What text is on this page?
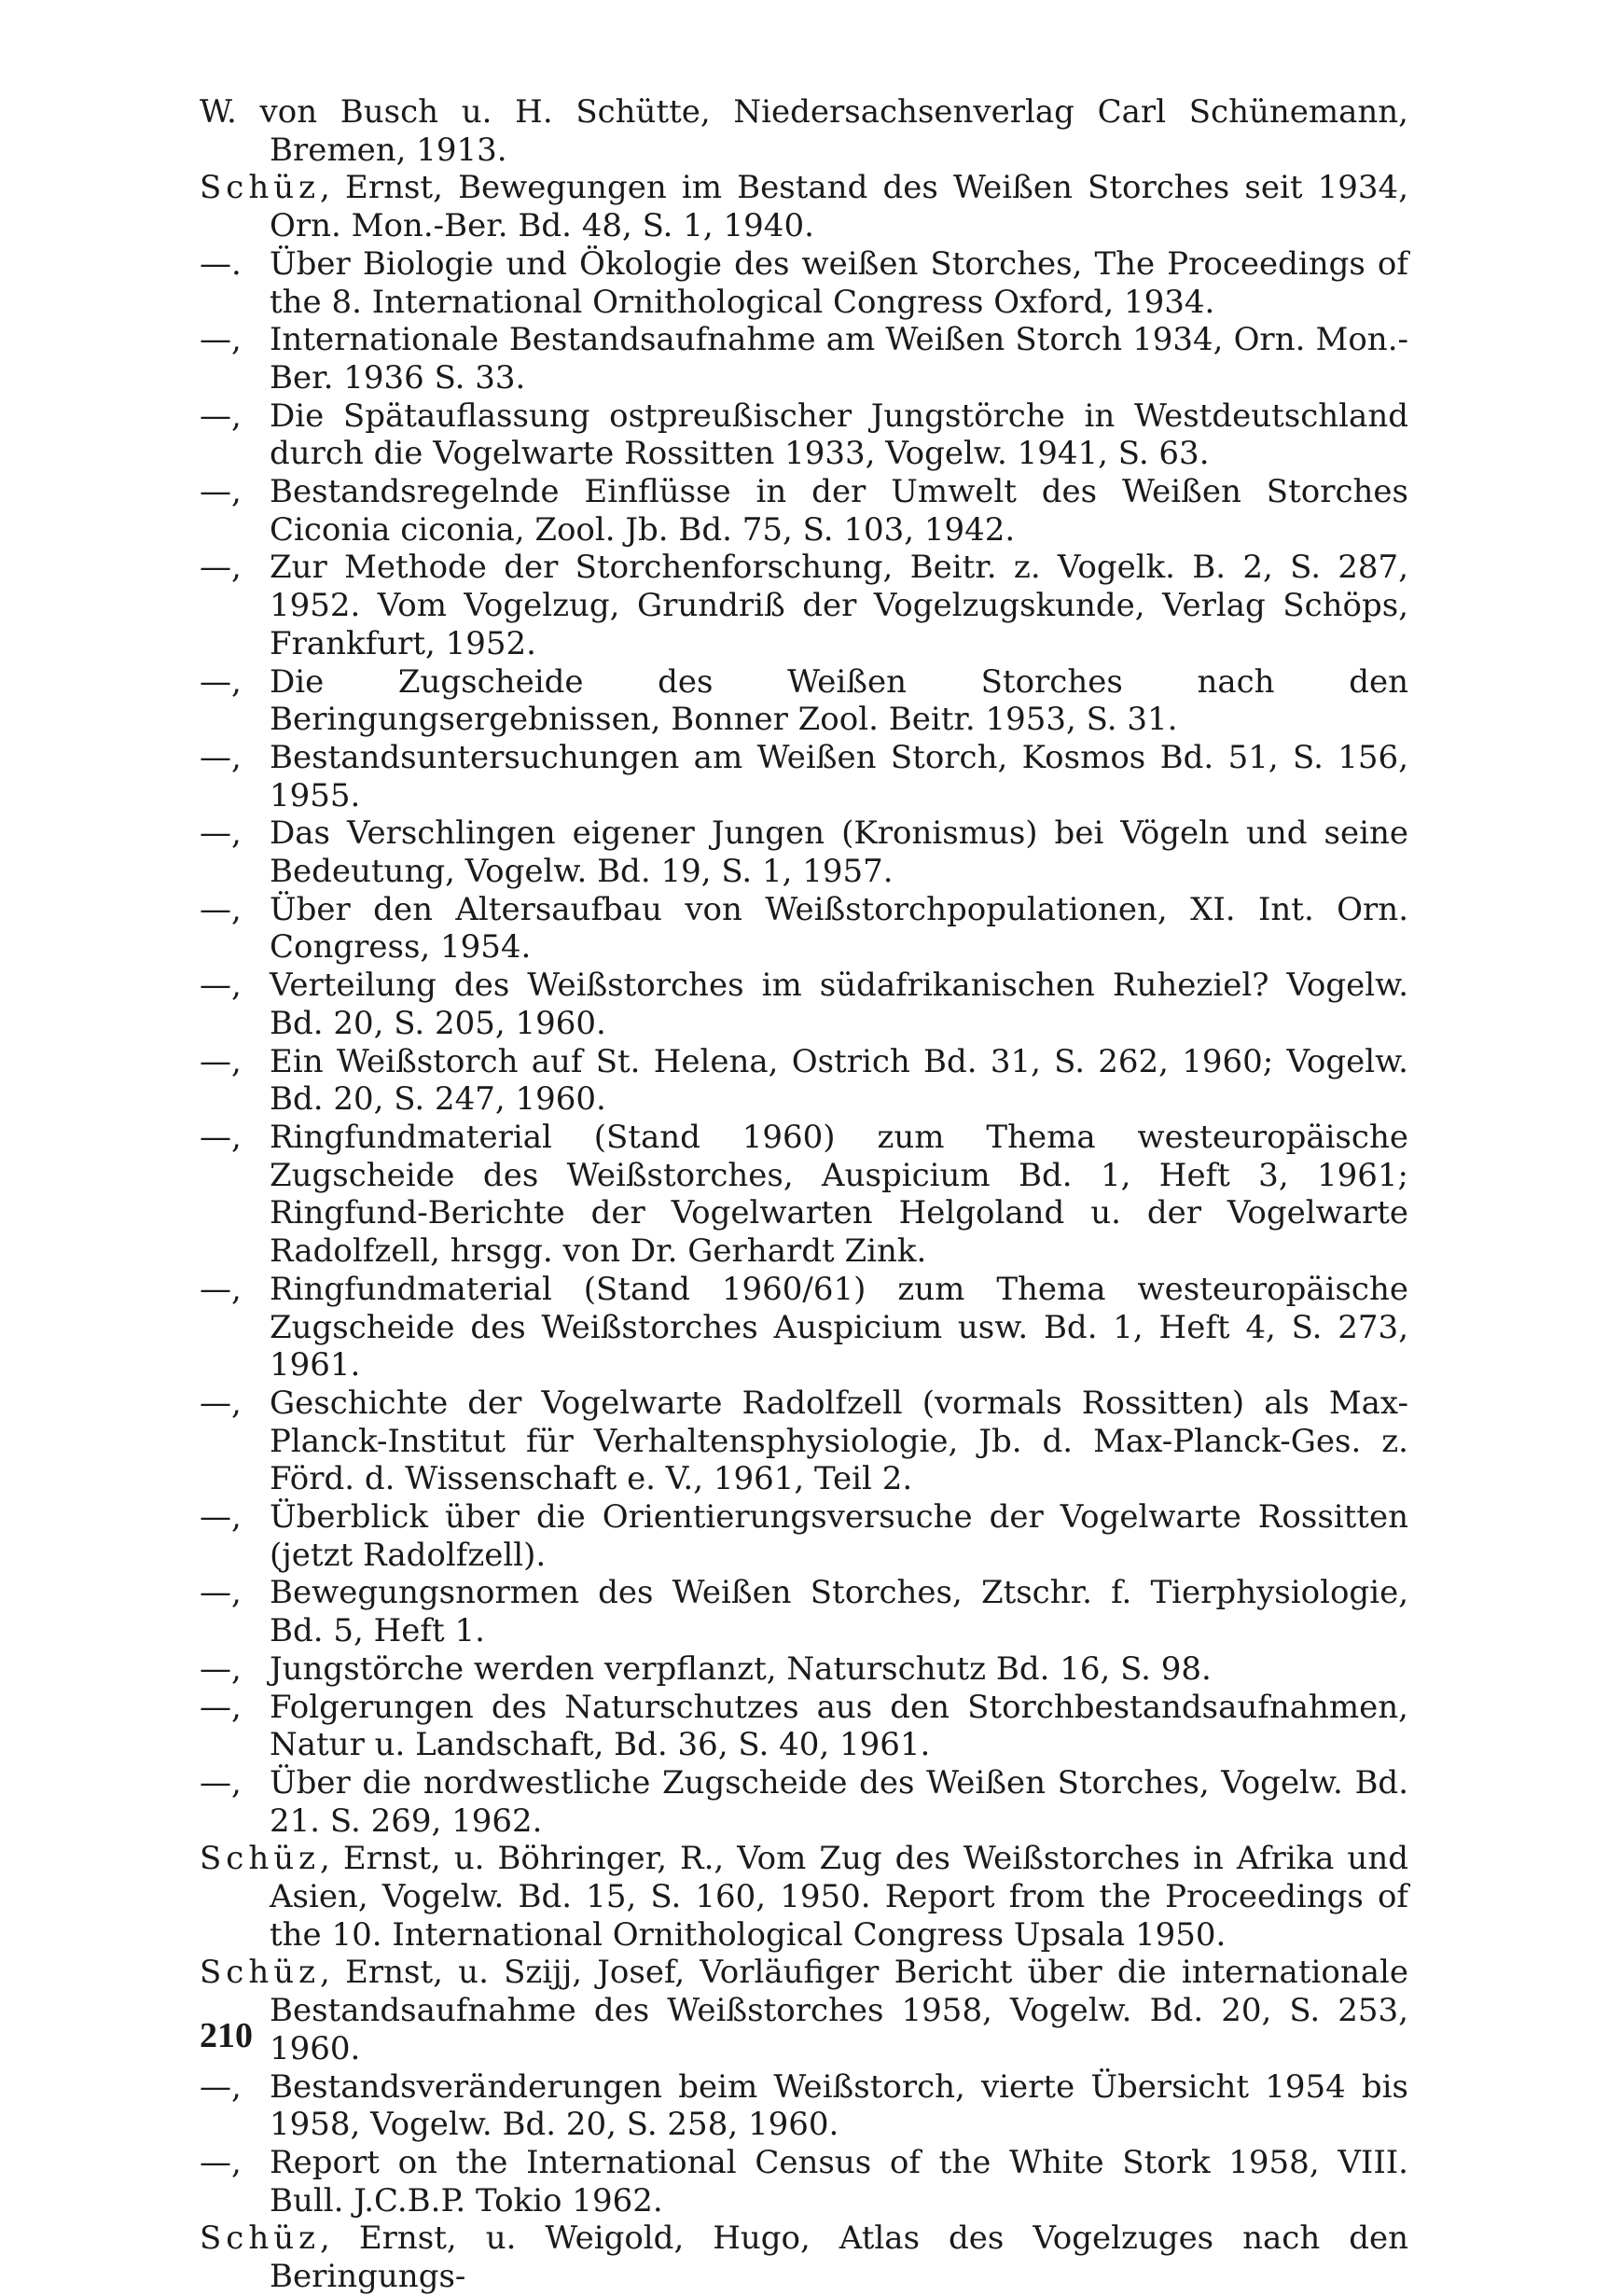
W. von Busch u. H. Schütte, Niedersachsenverlag Carl Schünemann, Bremen, 1913.

Schüz, Ernst, Bewegungen im Bestand des Weißen Storches seit 1934, Orn. Mon.-Ber. Bd. 48, S. 1, 1940.

—. Über Biologie und Ökologie des weißen Storches, The Proceedings of the 8. International Ornithological Congress Oxford, 1934.

—, Internationale Bestandsaufnahme am Weißen Storch 1934, Orn. Mon.-Ber. 1936 S. 33.

—, Die Spätauflassung ostpreußischer Jungstörche in Westdeutschland durch die Vogelwarte Rossitten 1933, Vogelw. 1941, S. 63.

—, Bestandsregelnde Einflüsse in der Umwelt des Weißen Storches Ciconia ciconia, Zool. Jb. Bd. 75, S. 103, 1942.

—, Zur Methode der Storchenforschung, Beitr. z. Vogelk. B. 2, S. 287, 1952. Vom Vogelzug, Grundriß der Vogelzugskunde, Verlag Schöps, Frankfurt, 1952.

—, Die Zugscheide des Weißen Storches nach den Beringungsergebnissen, Bonner Zool. Beitr. 1953, S. 31.

—, Bestandsuntersuchungen am Weißen Storch, Kosmos Bd. 51, S. 156, 1955.

—, Das Verschlingen eigener Jungen (Kronismus) bei Vögeln und seine Bedeutung, Vogelw. Bd. 19, S. 1, 1957.

—, Über den Altersaufbau von Weißstorchpopulationen, XI. Int. Orn. Congress, 1954.

—, Verteilung des Weißstorches im südafrikanischen Ruheziel? Vogelw. Bd. 20, S. 205, 1960.

—, Ein Weißstorch auf St. Helena, Ostrich Bd. 31, S. 262, 1960; Vogelw. Bd. 20, S. 247, 1960.

—, Ringfundmaterial (Stand 1960) zum Thema westeuropäische Zugscheide des Weißstorches, Auspicium Bd. 1, Heft 3, 1961; Ringfund-Berichte der Vogelwarten Helgoland u. der Vogelwarte Radolfzell, hrsgg. von Dr. Gerhardt Zink.

—, Ringfundmaterial (Stand 1960/61) zum Thema westeuropäische Zugscheide des Weißstorches Auspicium usw. Bd. 1, Heft 4, S. 273, 1961.

—, Geschichte der Vogelwarte Radolfzell (vormals Rossitten) als Max-Planck-Institut für Verhaltensphysiologie, Jb. d. Max-Planck-Ges. z. Förd. d. Wissenschaft e. V., 1961, Teil 2.

—, Überblick über die Orientierungsversuche der Vogelwarte Rossitten (jetzt Radolfzell).

—, Bewegungsnormen des Weißen Storches, Ztschr. f. Tierphysiologie, Bd. 5, Heft 1.

—, Jungstörche werden verpflanzt, Naturschutz Bd. 16, S. 98.

—, Folgerungen des Naturschutzes aus den Storchbestandsaufnahmen, Natur u. Landschaft, Bd. 36, S. 40, 1961.

—, Über die nordwestliche Zugscheide des Weißen Storches, Vogelw. Bd. 21. S. 269, 1962.

Schüz, Ernst, u. Böhringer, R., Vom Zug des Weißstorches in Afrika und Asien, Vogelw. Bd. 15, S. 160, 1950. Report from the Proceedings of the 10. International Ornithological Congress Upsala 1950.

Schüz, Ernst, u. Szijj, Josef, Vorläufiger Bericht über die internationale Bestandsaufnahme des Weißstorches 1958, Vogelw. Bd. 20, S. 253, 1960.

—, Bestandsveränderungen beim Weißstorch, vierte Übersicht 1954 bis 1958, Vogelw. Bd. 20, S. 258, 1960.

—, Report on the International Census of the White Stork 1958, VIII. Bull. J.C.B.P. Tokio 1962.

Schüz, Ernst, u. Weigold, Hugo, Atlas des Vogelzuges nach den Beringungs-

210
